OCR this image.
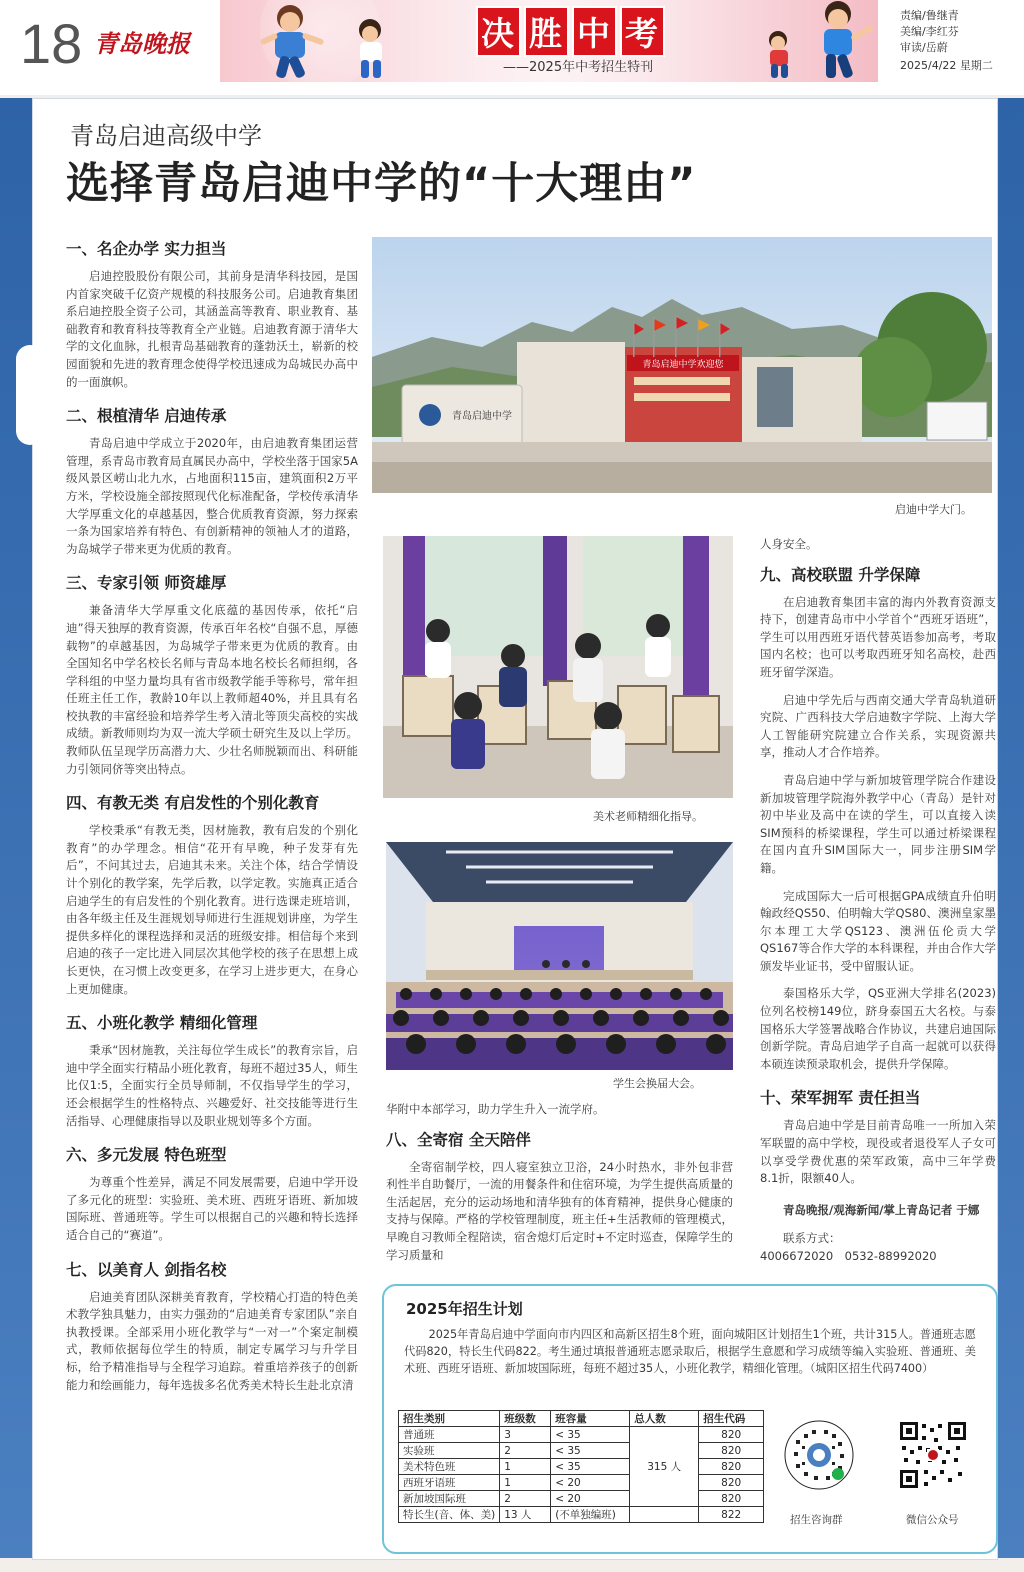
18 青岛晚报	决 胜 中 考
——2025年中考招生特刊
责编/鲁继青
美编/李红芬
审读/岳蔚
2025/4/22 星期二
青岛启迪高级中学
选择青岛启迪中学的“十大理由”
一、名企办学 实力担当

启迪控股股份有限公司，其前身是清华科技园，是国内首家突破千亿资产规模的科技服务公司。启迪教育集团系启迪控股全资子公司，其涵盖高等教育、职业教育、基础教育和教育科技等教育全产业链。启迪教育源于清华大学的文化血脉，扎根青岛基础教育的蓬勃沃土，崭新的校园面貌和先进的教育理念使得学校迅速成为岛城民办高中的一面旗帜。

二、根植清华 启迪传承

青岛启迪中学成立于2020年，由启迪教育集团运营管理，系青岛市教育局直属民办高中，学校坐落于国家5A级风景区崂山北九水，占地面积115亩，建筑面积2万平方米，学校设施全部按照现代化标准配备，学校传承清华大学厚重文化的卓越基因，整合优质教育资源，努力探索一条为国家培养有特色、有创新精神的领袖人才的道路，为岛城学子带来更为优质的教育。

三、专家引领 师资雄厚

兼备清华大学厚重文化底蕴的基因传承，依托“启迪”得天独厚的教育资源，传承百年名校“自强不息，厚德载物”的卓越基因，为岛城学子带来更为优质的教育。由全国知名中学名校长名师与青岛本地名校长名师担纲，各学科组的中坚力量均具有省市级教学能手等称号，常年担任班主任工作，教龄10年以上教师超40%，并且具有名校执教的丰富经验和培养学生考入清北等顶尖高校的实战成绩。新教师则均为双一流大学硕士研究生及以上学历。教师队伍呈现学历高潜力大、少壮名师脱颖而出、科研能力引领同侪等突出特点。

四、有教无类 有启发性的个别化教育

学校秉承“有教无类，因材施教，教有启发的个别化教育”的办学理念。相信“花开有早晚，种子发芽有先后”，不问其过去，启迪其未来。关注个体，结合学情设计个别化的教学案，先学后教，以学定教。实施真正适合启迪学生的有启发性的个别化教育。进行选课走班培训，由各年级主任及生涯规划导师进行生涯规划讲座，为学生提供多样化的课程选择和灵活的班级安排。相信每个来到启迪的孩子一定比进入同层次其他学校的孩子在思想上成长更快，在习惯上改变更多，在学习上进步更大，在身心上更加健康。

五、小班化教学 精细化管理

秉承“因材施教，关注每位学生成长”的教育宗旨，启迪中学全面实行精品小班化教育，每班不超过35人，师生比仅1:5，全面实行全员导师制，不仅指导学生的学习，还会根据学生的性格特点、兴趣爱好、社交技能等进行生活指导、心理健康指导以及职业规划等多个方面。

六、多元发展 特色班型

为尊重个性差异，满足不同发展需要，启迪中学开设了多元化的班型：实验班、美术班、西班牙语班、新加坡国际班、普通班等。学生可以根据自己的兴趣和特长选择适合自己的“赛道”。

七、以美育人 剑指名校

启迪美育团队深耕美育教育，学校精心打造的特色美术教学独具魅力，由实力强劲的“启迪美育专家团队”亲自执教授课。全部采用小班化教学与“一对一”个案定制模式，教师依据每位学生的特质，制定专属学习与升学目标，给予精准指导与全程学习追踪。着重培养孩子的创新能力和绘画能力，每年选拔多名优秀美术特长生赴北京清

青岛启迪中学欢迎您
青岛启迪中学
启迪中学大门。
美术老师精细化指导。
学生会换届大会。

华附中本部学习，助力学生升入一流学府。

八、全寄宿 全天陪伴

全寄宿制学校，四人寝室独立卫浴，24小时热水，非外包非营利性半自助餐厅，一流的用餐条件和住宿环境，为学生提供高质量的生活起居，充分的运动场地和清华独有的体育精神，提供身心健康的支持与保障。严格的学校管理制度，班主任+生活教师的管理模式，早晚自习教师全程陪读，宿舍熄灯后定时+不定时巡查，保障学生的学习质量和

人身安全。

九、高校联盟 升学保障

在启迪教育集团丰富的海内外教育资源支持下，创建青岛市中小学首个“西班牙语班”，学生可以用西班牙语代替英语参加高考，考取国内名校；也可以考取西班牙知名高校，赴西班牙留学深造。

启迪中学先后与西南交通大学青岛轨道研究院、广西科技大学启迪数字学院、上海大学人工智能研究院建立合作关系，实现资源共享，推动人才合作培养。

青岛启迪中学与新加坡管理学院合作建设新加坡管理学院海外教学中心（青岛）是针对初中毕业及高中在读的学生，可以直接入读SIM预科的桥梁课程，学生可以通过桥梁课程在国内直升SIM国际大一，同步注册SIM学籍。

完成国际大一后可根据GPA成绩直升伯明翰政经QS50、伯明翰大学QS80、澳洲皇家墨尔本理工大学QS123、澳洲伍伦贡大学QS167等合作大学的本科课程，并由合作大学颁发毕业证书，受中留服认证。

泰国格乐大学，QS亚洲大学排名(2023)位列名校榜149位，跻身泰国五大名校。与泰国格乐大学签署战略合作协议，共建启迪国际创新学院。青岛启迪学子自高一起就可以获得本硕连读预录取机会，提供升学保障。

十、荣军拥军 责任担当

青岛启迪中学是目前青岛唯一一所加入荣军联盟的高中学校，现役或者退役军人子女可以享受学费优惠的荣军政策，高中三年学费8.1折，限额40人。

青岛晚报/观海新闻/掌上青岛记者 于娜

联系方式：
4006672020　0532-88992020
2025年招生计划
2025年青岛启迪中学面向市内四区和高新区招生8个班，面向城阳区计划招生1个班，共计315人。普通班志愿代码820，特长生代码822。考生通过填报普通班志愿录取后，根据学生意愿和学习成绩等编入实验班、普通班、美术班、西班牙语班、新加坡国际班，每班不超过35人，小班化教学，精细化管理。（城阳区招生代码7400）
招生类别	班级数	班容量	总人数	招生代码
普通班	3	< 35	315 人	820
实验班	2	< 35		820
美术特色班	1	< 35		820
西班牙语班	1	< 20		820
新加坡国际班	2	< 20		820
特长生(音、体、美)	13 人	(不单独编班)		822	招生咨询群	微信公众号
